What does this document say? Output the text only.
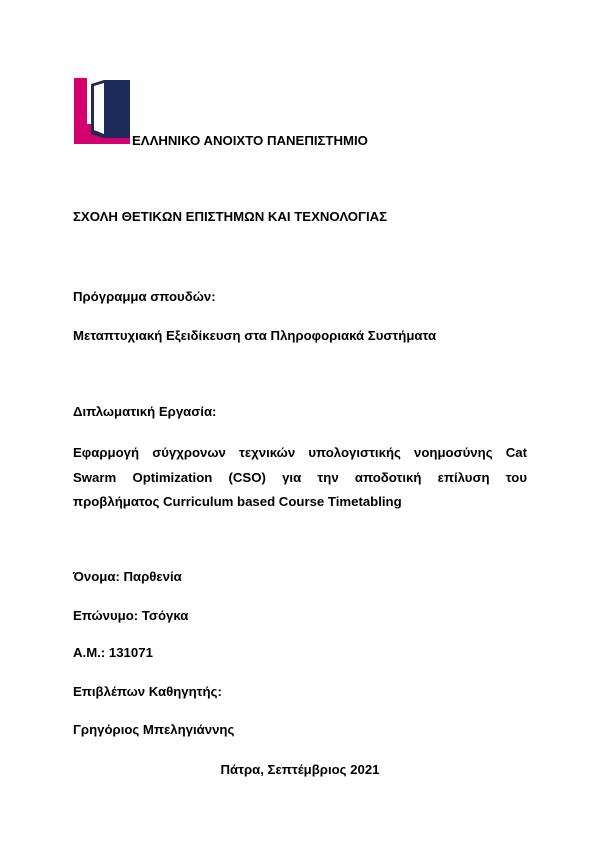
ΕΛΛΗΝΙΚΟ ΑΝΟΙΧΤΟ ΠΑΝΕΠΙΣΤΗΜΙΟ
ΣΧΟΛΗ ΘΕΤΙΚΩΝ ΕΠΙΣΤΗΜΩΝ ΚΑΙ ΤΕΧΝΟΛΟΓΙΑΣ
Πρόγραμμα σπουδών:
Μεταπτυχιακή Εξειδίκευση στα Πληροφοριακά Συστήματα
Διπλωματική Εργασία:
Εφαρμογή σύγχρονων τεχνικών υπολογιστικής νοημοσύνης Cat
Swarm Optimization (CSO) για την αποδοτική επίλυση του
προβλήματος Curriculum based Course Timetabling
Όνομα: Παρθενία
Επώνυμο: Τσόγκα
Α.Μ.: 131071
Επιβλέπων Καθηγητής:
Γρηγόριος Μπεληγιάννης
Πάτρα, Σεπτέμβριος 2021
